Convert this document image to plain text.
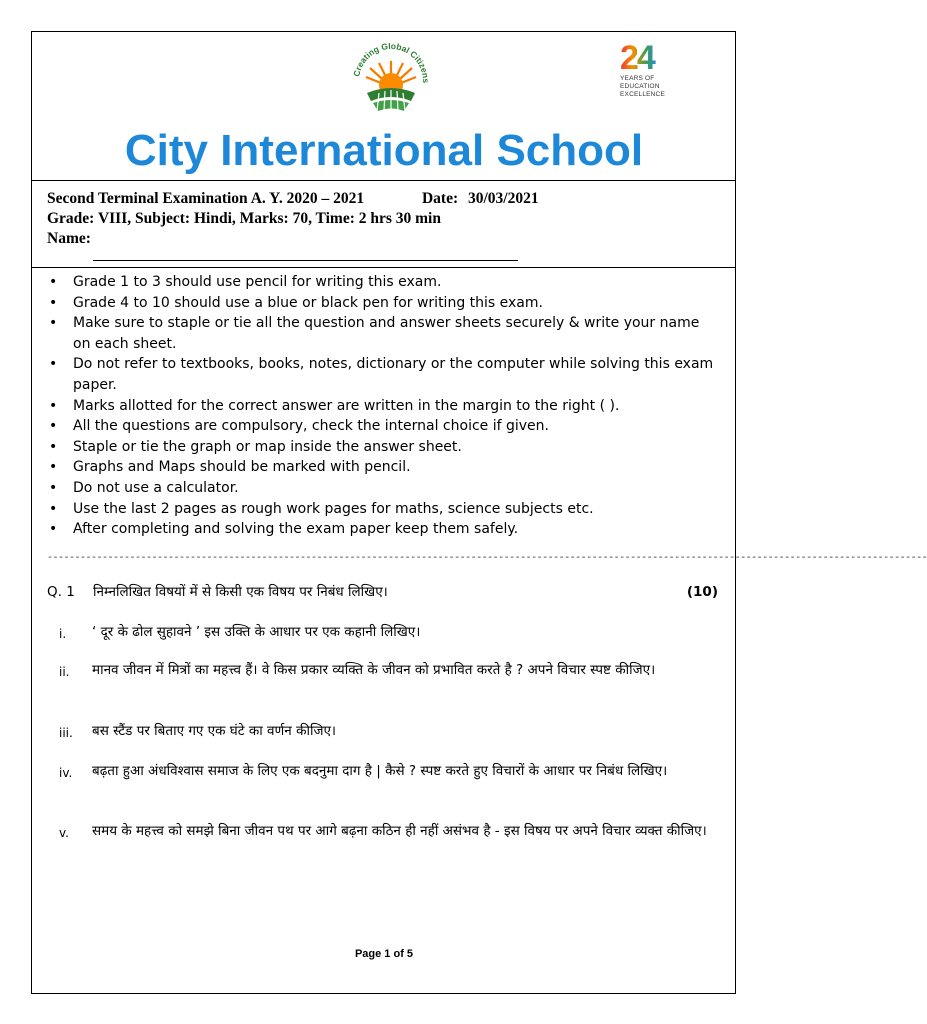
Creating Global Citizens
24
YEARS OF
EDUCATION
EXCELLENCE
City International School
Second Terminal Examination A. Y. 2020 – 2021	Date: 30/03/2021
Grade: VIII, Subject: Hindi, Marks: 70, Time: 2 hrs 30 min
Name:
• Grade 1 to 3 should use pencil for writing this exam.
• Grade 4 to 10 should use a blue or black pen for writing this exam.
• Make sure to staple or tie all the question and answer sheets securely & write your name on each sheet.
• Do not refer to textbooks, books, notes, dictionary or the computer while solving this exam paper.
• Marks allotted for the correct answer are written in the margin to the right ( ).
• All the questions are compulsory, check the internal choice if given.
• Staple or tie the graph or map inside the answer sheet.
• Graphs and Maps should be marked with pencil.
• Do not use a calculator.
• Use the last 2 pages as rough work pages for maths, science subjects etc.
• After completing and solving the exam paper keep them safely.
----------------------------------------------------------------------------------------------------------------------------------------------------------------
Q. 1 निम्नलिखित विषयों में से किसी एक विषय पर निबंध लिखिए।	(10)
i. ‘ दूर के ढोल सुहावने ’ इस उक्ति के आधार पर एक कहानी लिखिए।
ii. मानव जीवन में मित्रों का महत्त्व हैं। वे किस प्रकार व्यक्ति के जीवन को प्रभावित करते है ? अपने विचार स्पष्ट कीजिए।
iii. बस स्टैंड पर बिताए गए एक घंटे का वर्णन कीजिए।
iv. बढ़ता हुआ अंधविश्वास समाज के लिए एक बदनुमा दाग है | कैसे ? स्पष्ट करते हुए विचारों के आधार पर निबंध लिखिए।
v. समय के महत्त्व को समझे बिना जीवन पथ पर आगे बढ़ना कठिन ही नहीं असंभव है - इस विषय पर अपने विचार व्यक्त कीजिए।
Page 1 of 5
